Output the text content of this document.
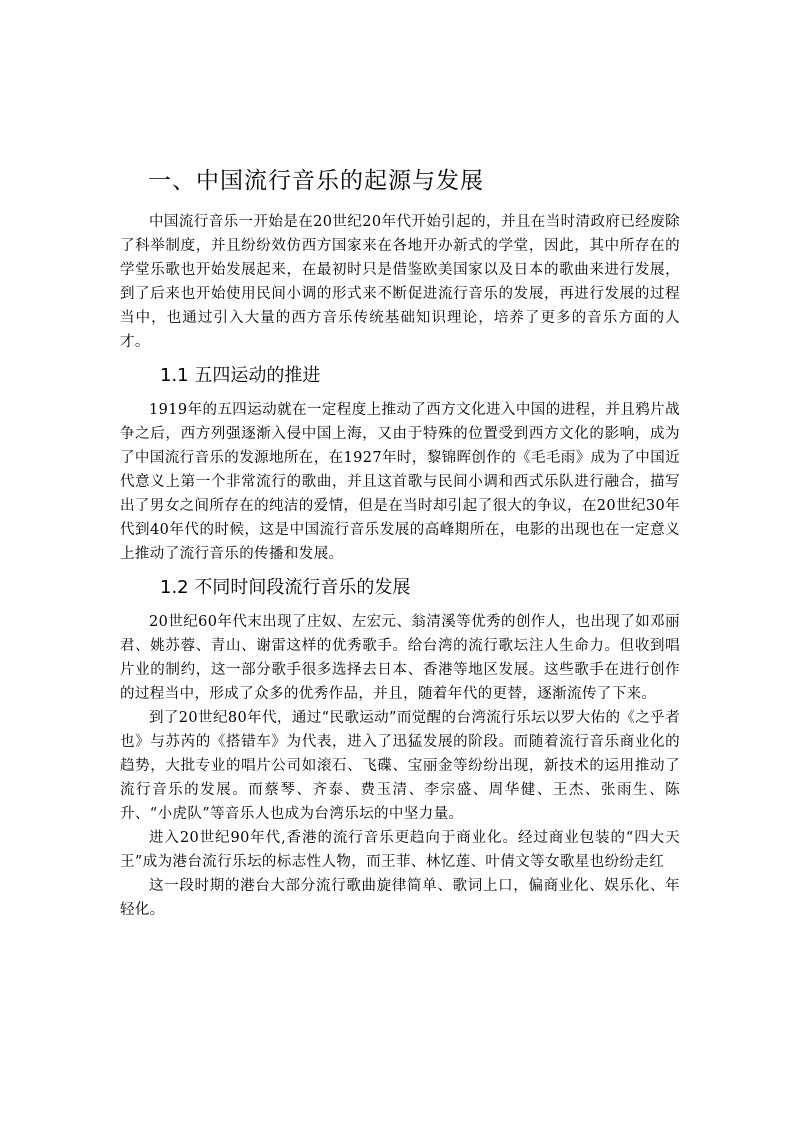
一、中国流行音乐的起源与发展

中国流行音乐一开始是在20世纪20年代开始引起的，并且在当时清政府已经废除了科举制度，并且纷纷效仿西方国家来在各地开办新式的学堂，因此，其中所存在的学堂乐歌也开始发展起来，在最初时只是借鉴欧美国家以及日本的歌曲来进行发展，到了后来也开始使用民间小调的形式来不断促进流行音乐的发展，再进行发展的过程当中，也通过引入大量的西方音乐传统基础知识理论，培养了更多的音乐方面的人才。

1.1 五四运动的推进

1919年的五四运动就在一定程度上推动了西方文化进入中国的进程，并且鸦片战争之后，西方列强逐渐入侵中国上海，又由于特殊的位置受到西方文化的影响，成为了中国流行音乐的发源地所在，在1927年时，黎锦晖创作的《毛毛雨》成为了中国近代意义上第一个非常流行的歌曲，并且这首歌与民间小调和西式乐队进行融合，描写出了男女之间所存在的纯洁的爱情，但是在当时却引起了很大的争议，在20世纪30年代到40年代的时候，这是中国流行音乐发展的高峰期所在，电影的出现也在一定意义上推动了流行音乐的传播和发展。

1.2 不同时间段流行音乐的发展

20世纪60年代末出现了庄奴、左宏元、翁清溪等优秀的创作人，也出现了如邓丽君、姚苏蓉、青山、谢雷这样的优秀歌手。给台湾的流行歌坛注人生命力。但收到唱片业的制约，这一部分歌手很多选择去日本、香港等地区发展。这些歌手在进行创作的过程当中，形成了众多的优秀作品，并且，随着年代的更替，逐渐流传了下来。

到了20世纪80年代，通过“民歌运动”而觉醒的台湾流行乐坛以罗大佑的《之乎者也》与苏芮的《搭错车》为代表，进入了迅猛发展的阶段。而随着流行音乐商业化的趋势，大批专业的唱片公司如滚石、飞碟、宝丽金等纷纷出现，新技术的运用推动了流行音乐的发展。而蔡琴、齐泰、费玉清、李宗盛、周华健、王杰、张雨生、陈升、“小虎队”等音乐人也成为台湾乐坛的中坚力量。

进入20世纪90年代,香港的流行音乐更趋向于商业化。经过商业包装的“四大天王”成为港台流行乐坛的标志性人物，而王菲、林忆莲、叶倩文等女歌星也纷纷走红

这一段时期的港台大部分流行歌曲旋律简单、歌词上口，偏商业化、娱乐化、年轻化。
